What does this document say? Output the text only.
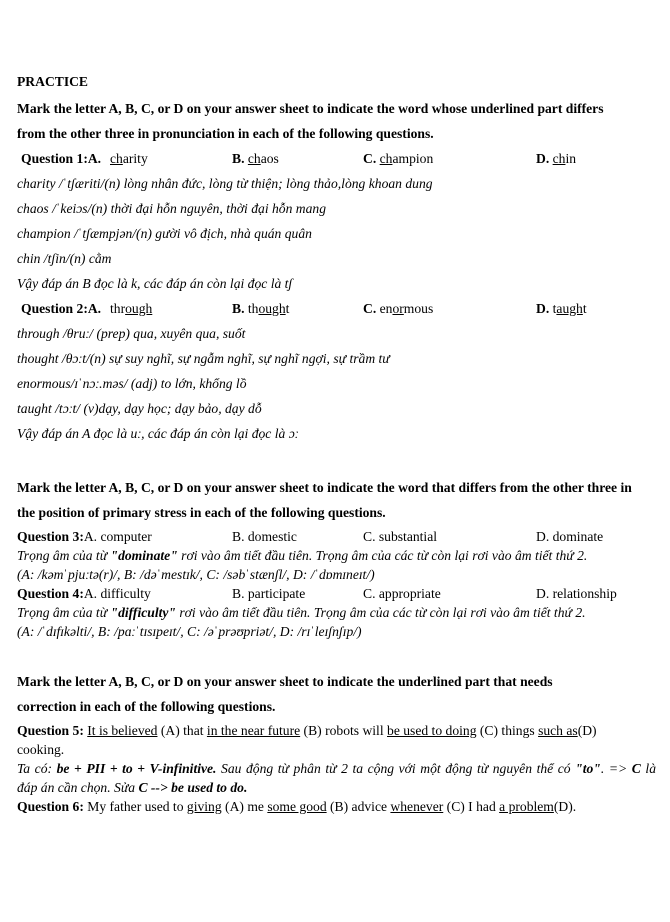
PRACTICE
Mark the letter A, B, C, or D on your answer sheet to indicate the word whose underlined part differs
from the other three in pronunciation in each of the following questions.
Question 1:A. charity	B. chaos	C. champion	D. chin
charity /ˈtʃæriti/(n) lòng nhân đức, lòng từ thiện; lòng thảo,lòng khoan dung
chaos /ˈkeiɔs/(n) thời đại hỗn nguyên, thời đại hỗn mang
champion /ˈtʃæmpjən/(n) gười vô địch, nhà quán quân
chin /tʃin/(n) cằm
Vậy đáp án B đọc là k, các đáp án còn lại đọc là tʃ
Question 2:A. through	B. thought	C. enormous	D. taught
through /θruː/ (prep) qua, xuyên qua, suốt
thought /θɔːt/(n) sự suy nghĩ, sự ngẫm nghĩ, sự nghĩ ngợi, sự trầm tư
enormous/ɪˈnɔː.məs/ (adj) to lớn, khổng lồ
taught /tɔːt/ (v)dạy, dạy học; dạy bảo, dạy dỗ
Vậy đáp án A đọc là uː, các đáp án còn lại đọc là ɔː
Mark the letter A, B, C, or D on your answer sheet to indicate the word that differs from the other three in
the position of primary stress in each of the following questions.
Question 3:A. computer	B. domestic	C. substantial	D. dominate
Trọng âm của từ "dominate" rơi vào âm tiết đầu tiên. Trọng âm của các từ còn lại rơi vào âm tiết thứ 2.
(A: /kəmˈpjuːtə(r)/, B: /dəˈmestɪk/, C: /səbˈstænʃl/, D: /ˈdɒmɪneɪt/)
Question 4:A. difficulty	B. participate	C. appropriate	D. relationship
Trọng âm của từ "difficulty" rơi vào âm tiết đầu tiên. Trọng âm của các từ còn lại rơi vào âm tiết thứ 2.
(A: /ˈdɪfɪkəlti/, B: /pɑːˈtɪsɪpeɪt/, C: /əˈprəʊpriət/, D: /rɪˈleɪʃnʃɪp/)
Mark the letter A, B, C, or D on your answer sheet to indicate the underlined part that needs
correction in each of the following questions.
Question 5: It is believed (A) that in the near future (B) robots will be used to doing (C) things such as(D)
cooking.
Ta có: be + PII + to + V-infinitive. Sau động từ phân từ 2 ta cộng với một động từ nguyên thể có "to". => C là
đáp án cần chọn. Sửa C --> be used to do.
Question 6: My father used to giving (A) me some good (B) advice whenever (C) I had a problem(D).
